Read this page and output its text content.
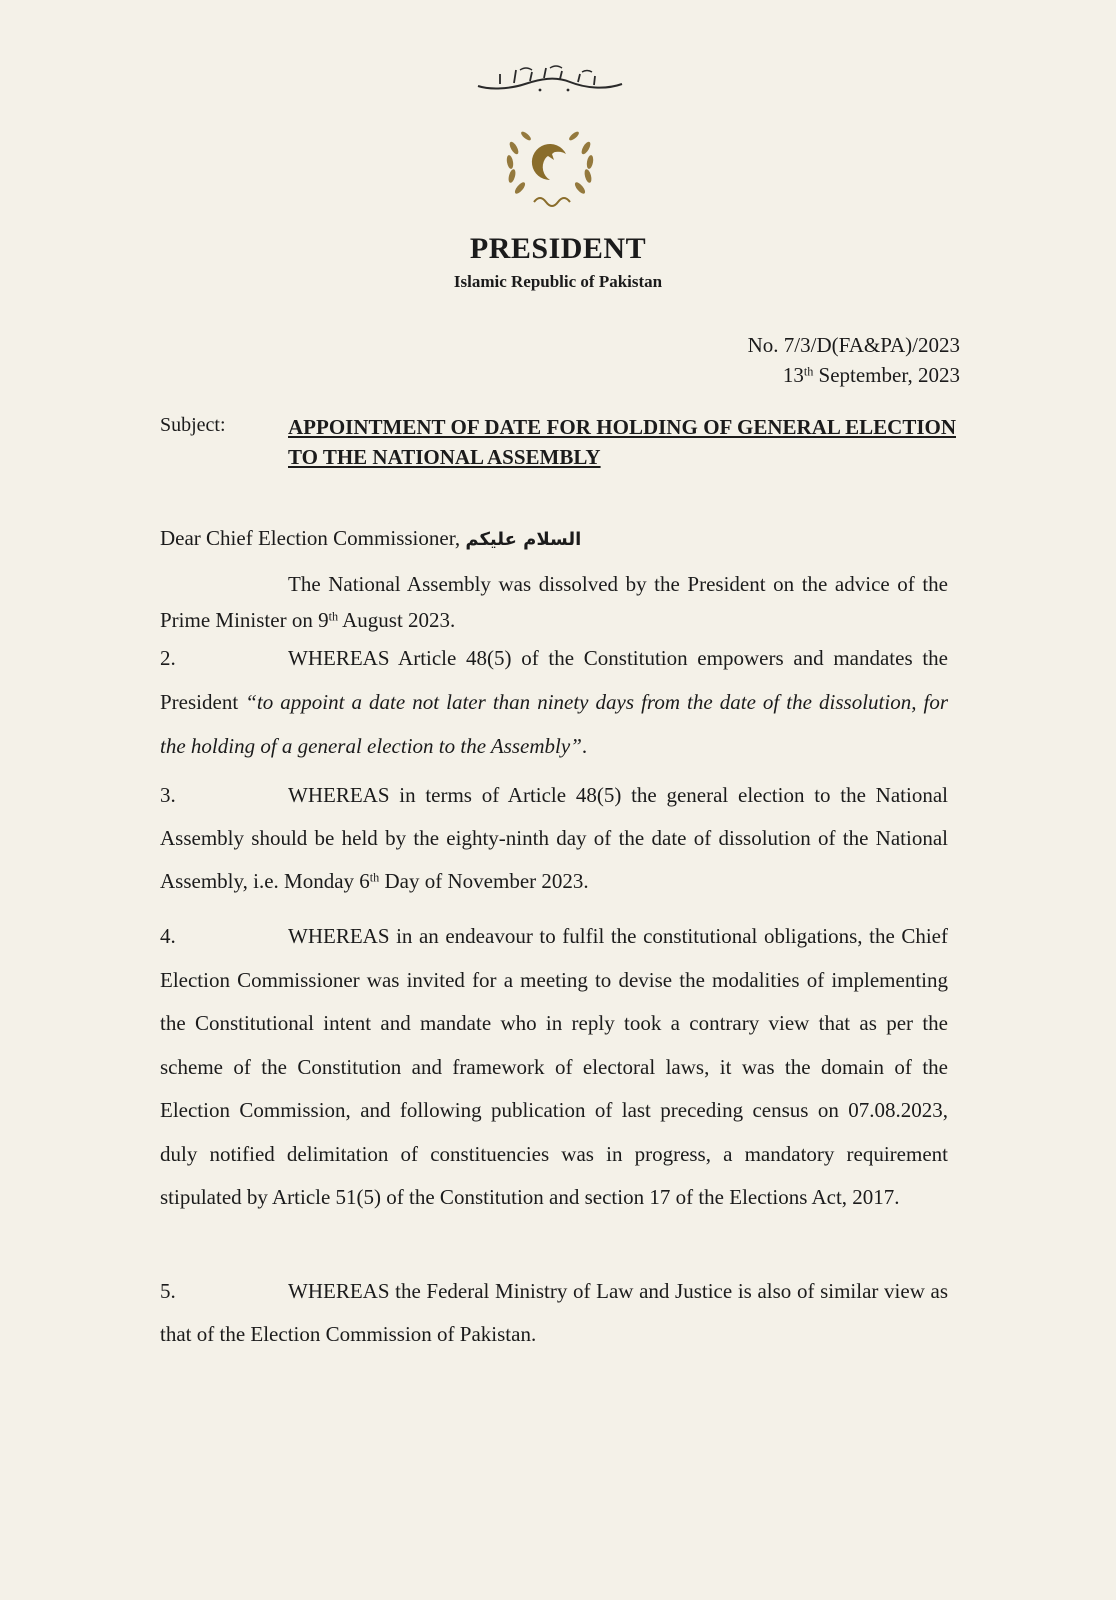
PRESIDENT
Islamic Republic of Pakistan
No. 7/3/D(FA&PA)/2023
13th September, 2023
Subject:	APPOINTMENT OF DATE FOR HOLDING OF GENERAL ELECTION TO THE NATIONAL ASSEMBLY
Dear Chief Election Commissioner, السلام علیکم
The National Assembly was dissolved by the President on the advice of the Prime Minister on 9th August 2023.
2.	WHEREAS Article 48(5) of the Constitution empowers and mandates the President “to appoint a date not later than ninety days from the date of the dissolution, for the holding of a general election to the Assembly”.
3.	WHEREAS in terms of Article 48(5) the general election to the National Assembly should be held by the eighty-ninth day of the date of dissolution of the National Assembly, i.e. Monday 6th Day of November 2023.
4.	WHEREAS in an endeavour to fulfil the constitutional obligations, the Chief Election Commissioner was invited for a meeting to devise the modalities of implementing the Constitutional intent and mandate who in reply took a contrary view that as per the scheme of the Constitution and framework of electoral laws, it was the domain of the Election Commission, and following publication of last preceding census on 07.08.2023, duly notified delimitation of constituencies was in progress, a mandatory requirement stipulated by Article 51(5) of the Constitution and section 17 of the Elections Act, 2017.
5.	WHEREAS the Federal Ministry of Law and Justice is also of similar view as that of the Election Commission of Pakistan.
